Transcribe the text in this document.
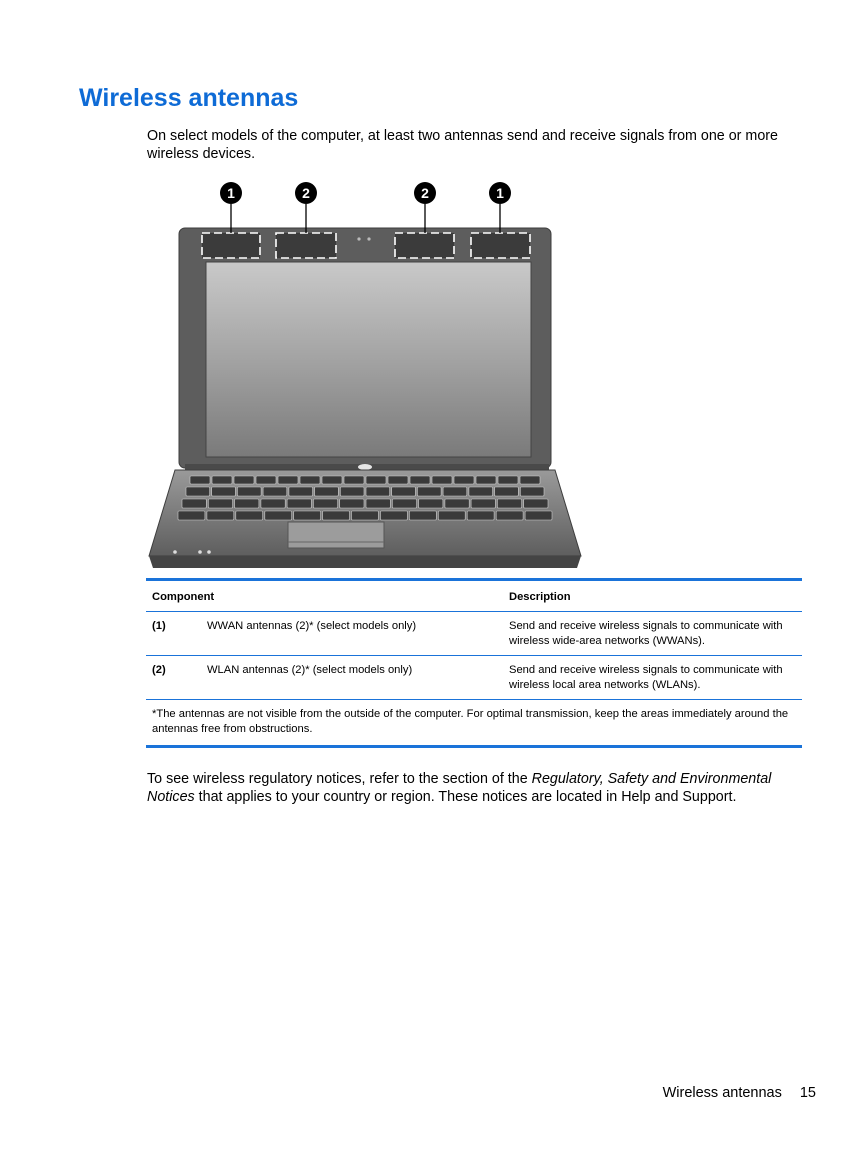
Wireless antennas

On select models of the computer, at least two antennas send and receive signals from one or more wireless devices.

1	2	2	1
Component		Description
(1)	WWAN antennas (2)* (select models only)	Send and receive wireless signals to communicate with wireless wide-area networks (WWANs).
(2)	WLAN antennas (2)* (select models only)	Send and receive wireless signals to communicate with wireless local area networks (WLANs).
*The antennas are not visible from the outside of the computer. For optimal transmission, keep the areas immediately around the antennas free from obstructions.		

To see wireless regulatory notices, refer to the section of the Regulatory, Safety and Environmental Notices that applies to your country or region. These notices are located in Help and Support.

Wireless antennas 15
